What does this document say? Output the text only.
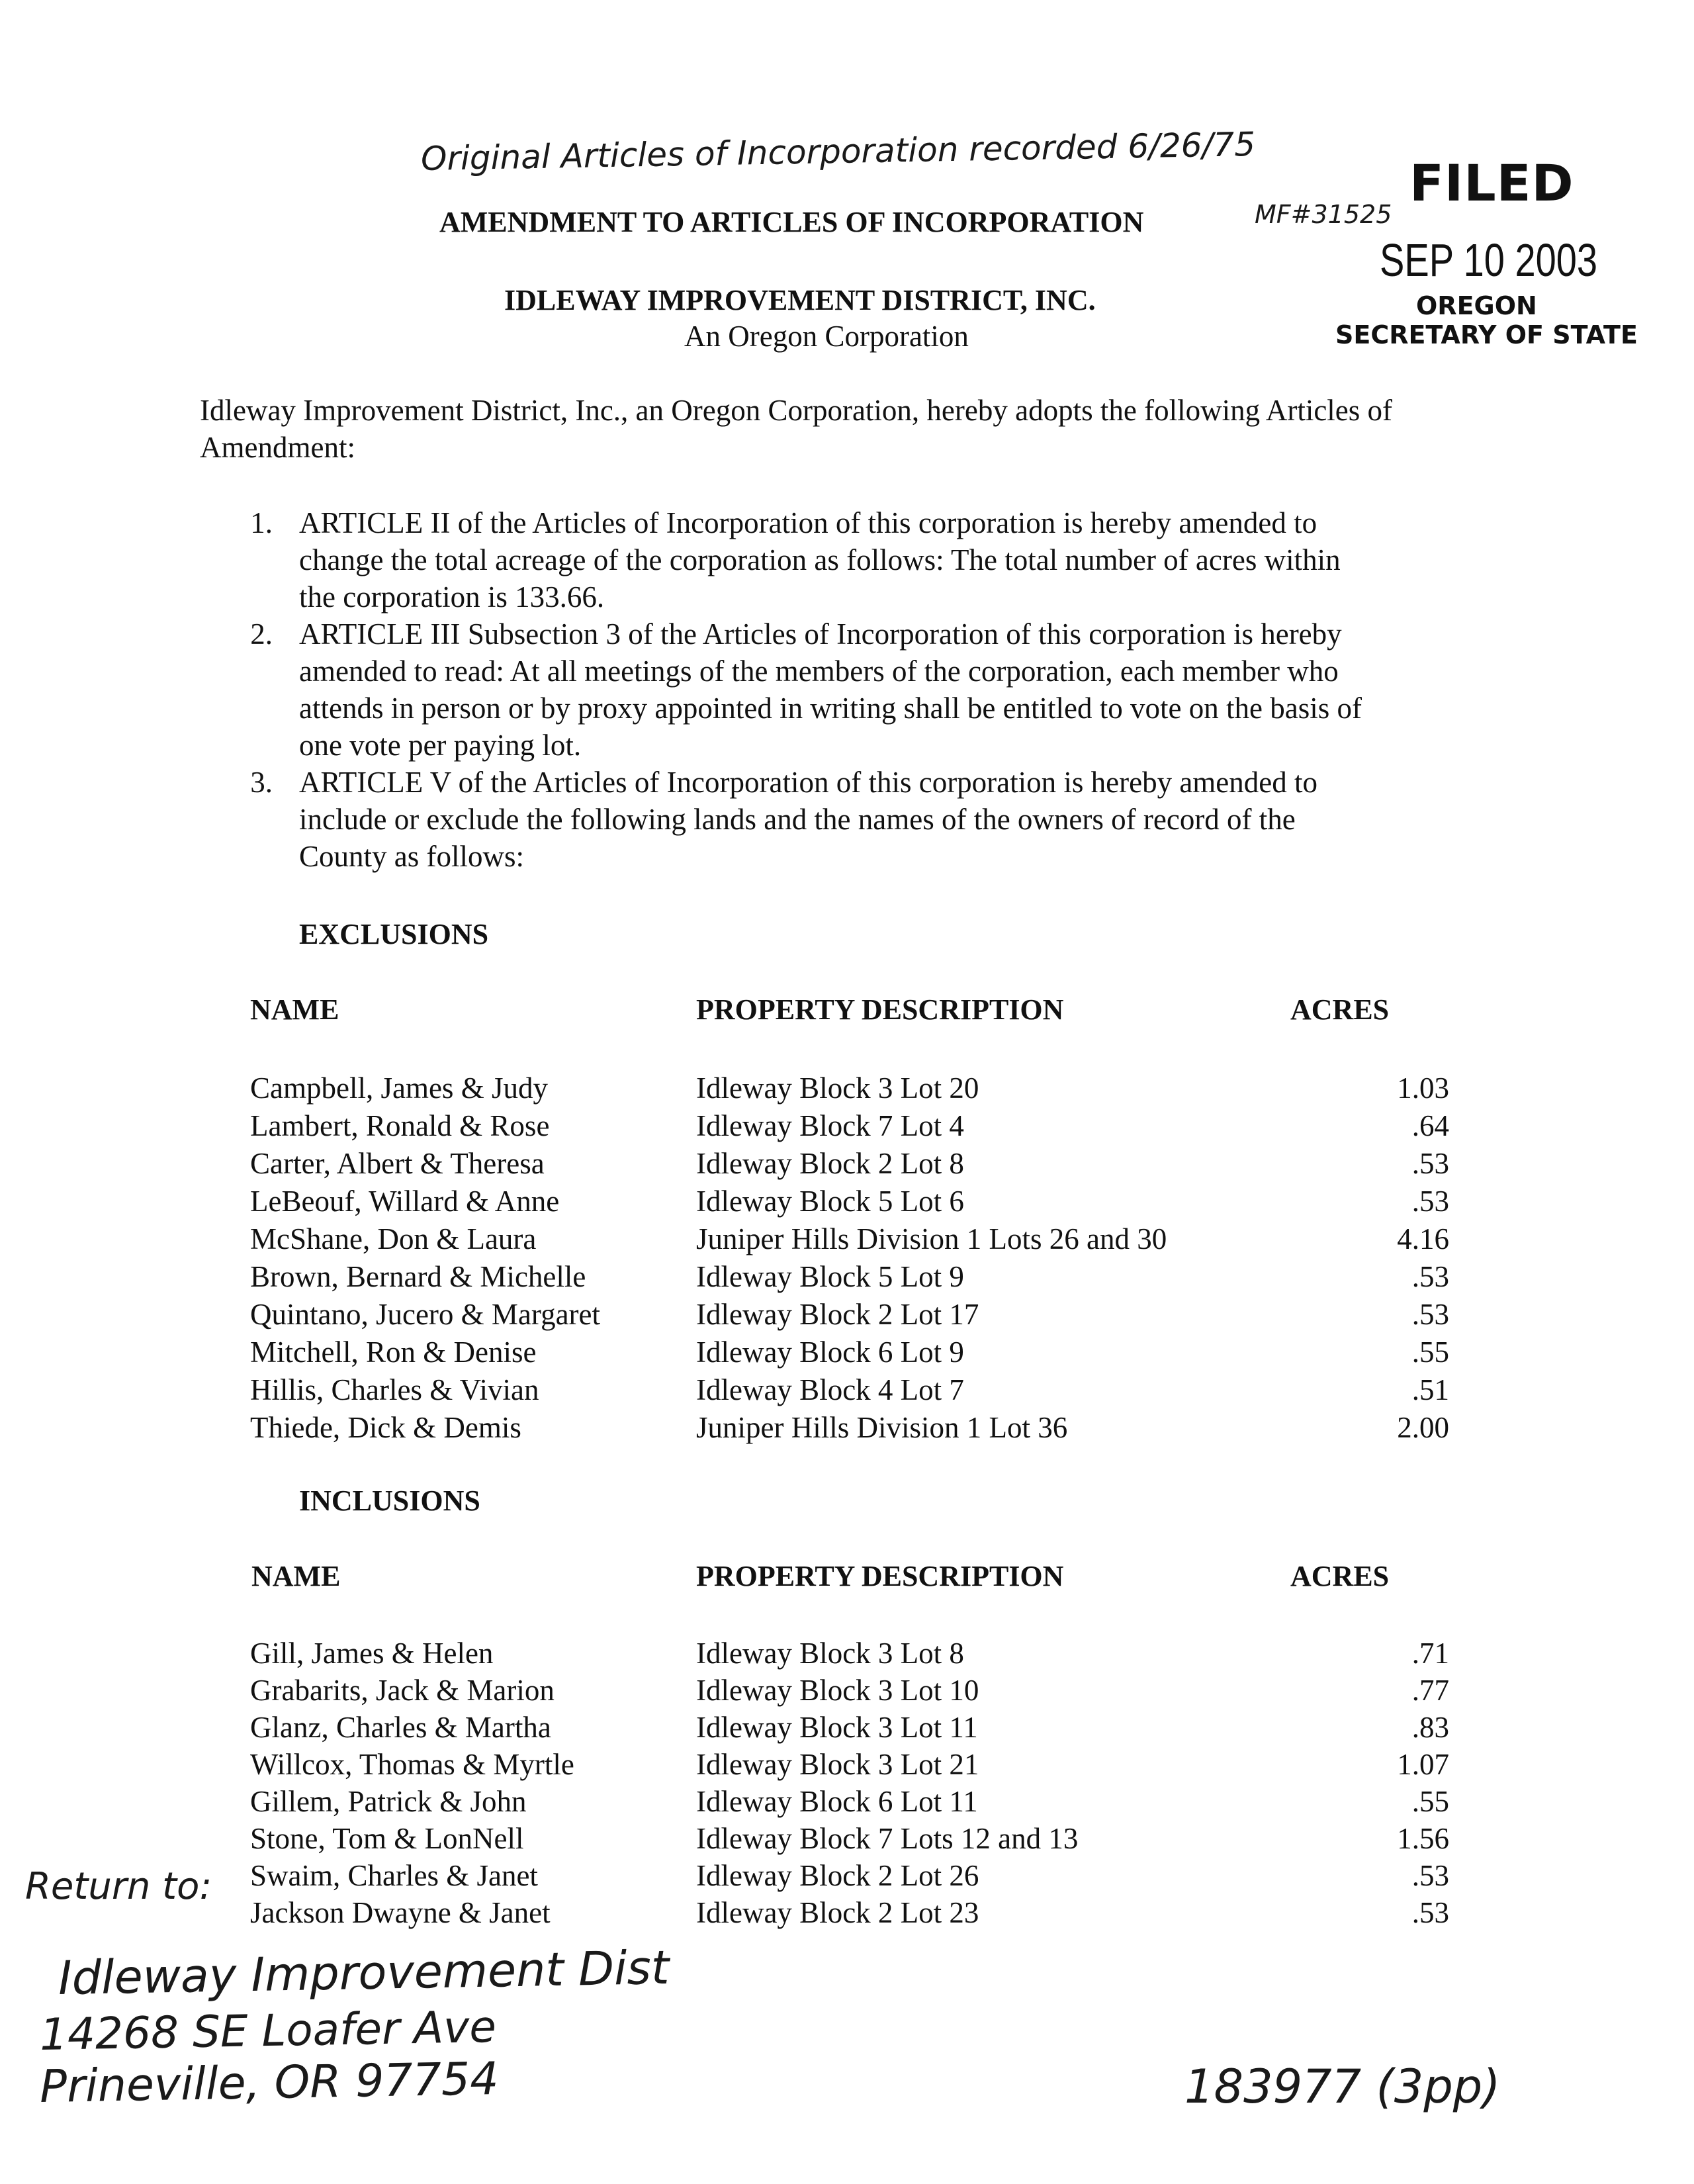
Original Articles of Incorporation recorded 6/26/75
FILED
SEP 10 2003
OREGON
SECRETARY OF STATE
AMENDMENT TO ARTICLES OF INCORPORATION	MF#31525
IDLEWAY IMPROVEMENT DISTRICT, INC.
An Oregon Corporation
Idleway Improvement District, Inc., an Oregon Corporation, hereby adopts the following Articles of Amendment:
1. ARTICLE II of the Articles of Incorporation of this corporation is hereby amended to
change the total acreage of the corporation as follows: The total number of acres within
the corporation is 133.66.
2. ARTICLE III Subsection 3 of the Articles of Incorporation of this corporation is hereby
amended to read: At all meetings of the members of the corporation, each member who
attends in person or by proxy appointed in writing shall be entitled to vote on the basis of
one vote per paying lot.
3. ARTICLE V of the Articles of Incorporation of this corporation is hereby amended to
include or exclude the following lands and the names of the owners of record of the
County as follows:
EXCLUSIONS
NAME	PROPERTY DESCRIPTION	ACRES
Campbell, James & Judy	Idleway Block 3 Lot 20	1.03
Lambert, Ronald & Rose	Idleway Block 7 Lot 4	.64
Carter, Albert & Theresa	Idleway Block 2 Lot 8	.53
LeBeouf, Willard & Anne	Idleway Block 5 Lot 6	.53
McShane, Don & Laura	Juniper Hills Division 1 Lots 26 and 30	4.16
Brown, Bernard & Michelle	Idleway Block 5 Lot 9	.53
Quintano, Jucero & Margaret	Idleway Block 2 Lot 17	.53
Mitchell, Ron & Denise	Idleway Block 6 Lot 9	.55
Hillis, Charles & Vivian	Idleway Block 4 Lot 7	.51
Thiede, Dick & Demis	Juniper Hills Division 1 Lot 36	2.00
INCLUSIONS
NAME	PROPERTY DESCRIPTION	ACRES
Gill, James & Helen	Idleway Block 3 Lot 8	.71
Grabarits, Jack & Marion	Idleway Block 3 Lot 10	.77
Glanz, Charles & Martha	Idleway Block 3 Lot 11	.83
Willcox, Thomas & Myrtle	Idleway Block 3 Lot 21	1.07
Gillem, Patrick & John	Idleway Block 6 Lot 11	.55
Stone, Tom & LonNell	Idleway Block 7 Lots 12 and 13	1.56
Swaim, Charles & Janet	Idleway Block 2 Lot 26	.53
Jackson Dwayne & Janet	Idleway Block 2 Lot 23	.53
Return to:
Idleway Improvement Dist
14268 SE Loafer Ave
Prineville, OR 97754	183977 (3pp)
